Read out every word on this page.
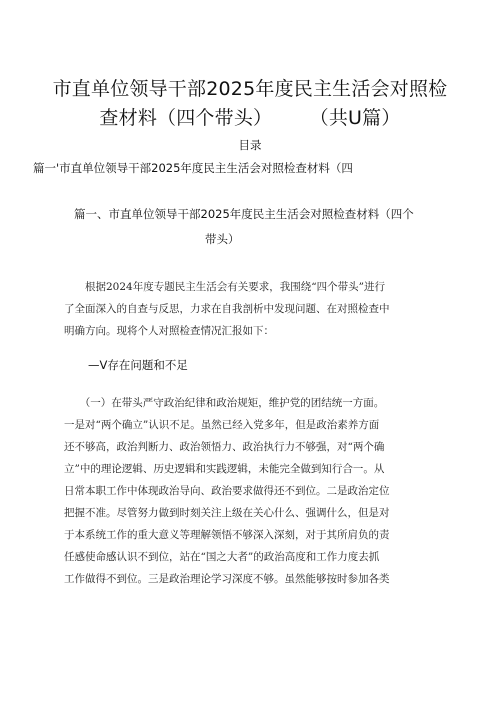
市直单位领导干部2025年度民主生活会对照检
查材料（四个带头）      （共U篇）
目录
篇一'市直单位领导干部2025年度民主生活会对照检查材料（四
篇一、市直单位领导干部2025年度民主生活会对照检查材料（四个
带头）
　　根据2024年度专题民主生活会有关要求，我围绕“四个带头”进行
了全面深入的自查与反思，力求在自我剖析中发现问题、在对照检查中
明确方向。现将个人对照检查情况汇报如下：
—V存在问题和不足
　　（一）在带头严守政治纪律和政治规矩，维护党的团结统一方面。
一是对“两个确立”认识不足。虽然已经入党多年，但是政治素养方面
还不够高，政治判断力、政治领悟力、政治执行力不够强，对“两个确
立”中的理论逻辑、历史逻辑和实践逻辑，未能完全做到知行合一。从
日常本职工作中体现政治导向、政治要求做得还不到位。二是政治定位
把握不准。尽管努力做到时刻关注上级在关心什么、强调什么，但是对
于本系统工作的重大意义等理解领悟不够深入深刻，对于其所肩负的责
任感使命感认识不到位，站在“国之大者”的政治高度和工作力度去抓
工作做得不到位。三是政治理论学习深度不够。虽然能够按时参加各类
